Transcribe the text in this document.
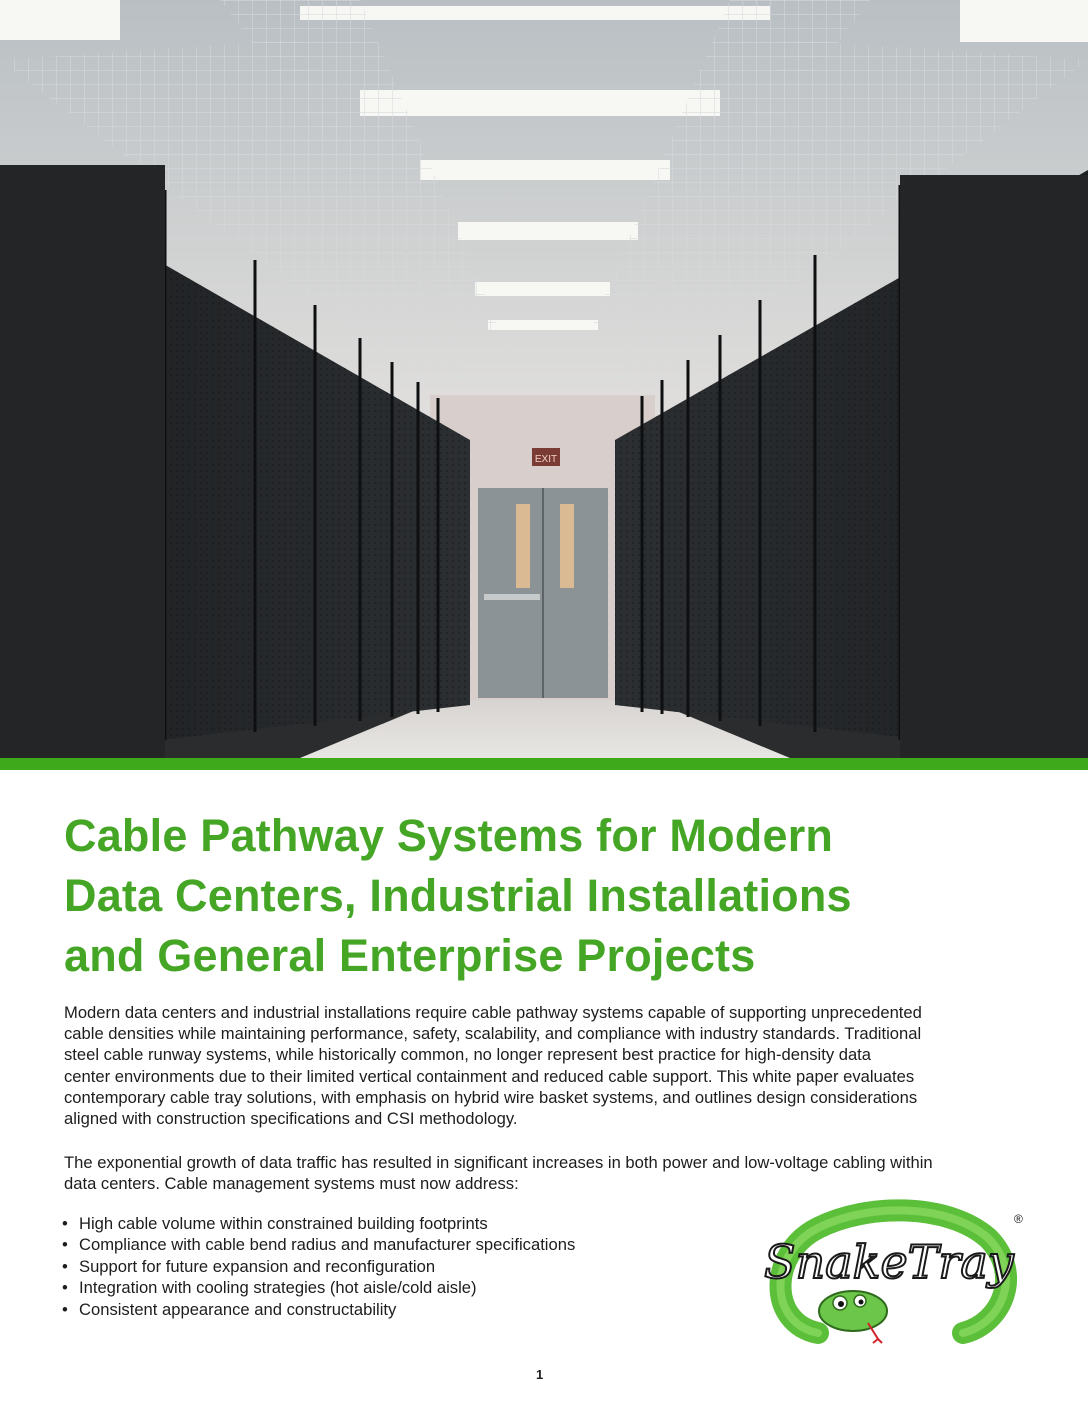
EXIT
Cable Pathway Systems for Modern
Data Centers, Industrial Installations
and General Enterprise Projects

Modern data centers and industrial installations require cable pathway systems capable of supporting unprecedented
cable densities while maintaining performance, safety, scalability, and compliance with industry standards. Traditional
steel cable runway systems, while historically common, no longer represent best practice for high-density data
center environments due to their limited vertical containment and reduced cable support. This white paper evaluates
contemporary cable tray solutions, with emphasis on hybrid wire basket systems, and outlines design considerations
aligned with construction specifications and CSI methodology.

The exponential growth of data traffic has resulted in significant increases in both power and low-voltage cabling within
data centers. Cable management systems must now address:

• High cable volume within constrained building footprints
• Compliance with cable bend radius and manufacturer specifications
• Support for future expansion and reconfiguration
• Integration with cooling strategies (hot aisle/cold aisle)
• Consistent appearance and constructability
SnakeTray
®
1
